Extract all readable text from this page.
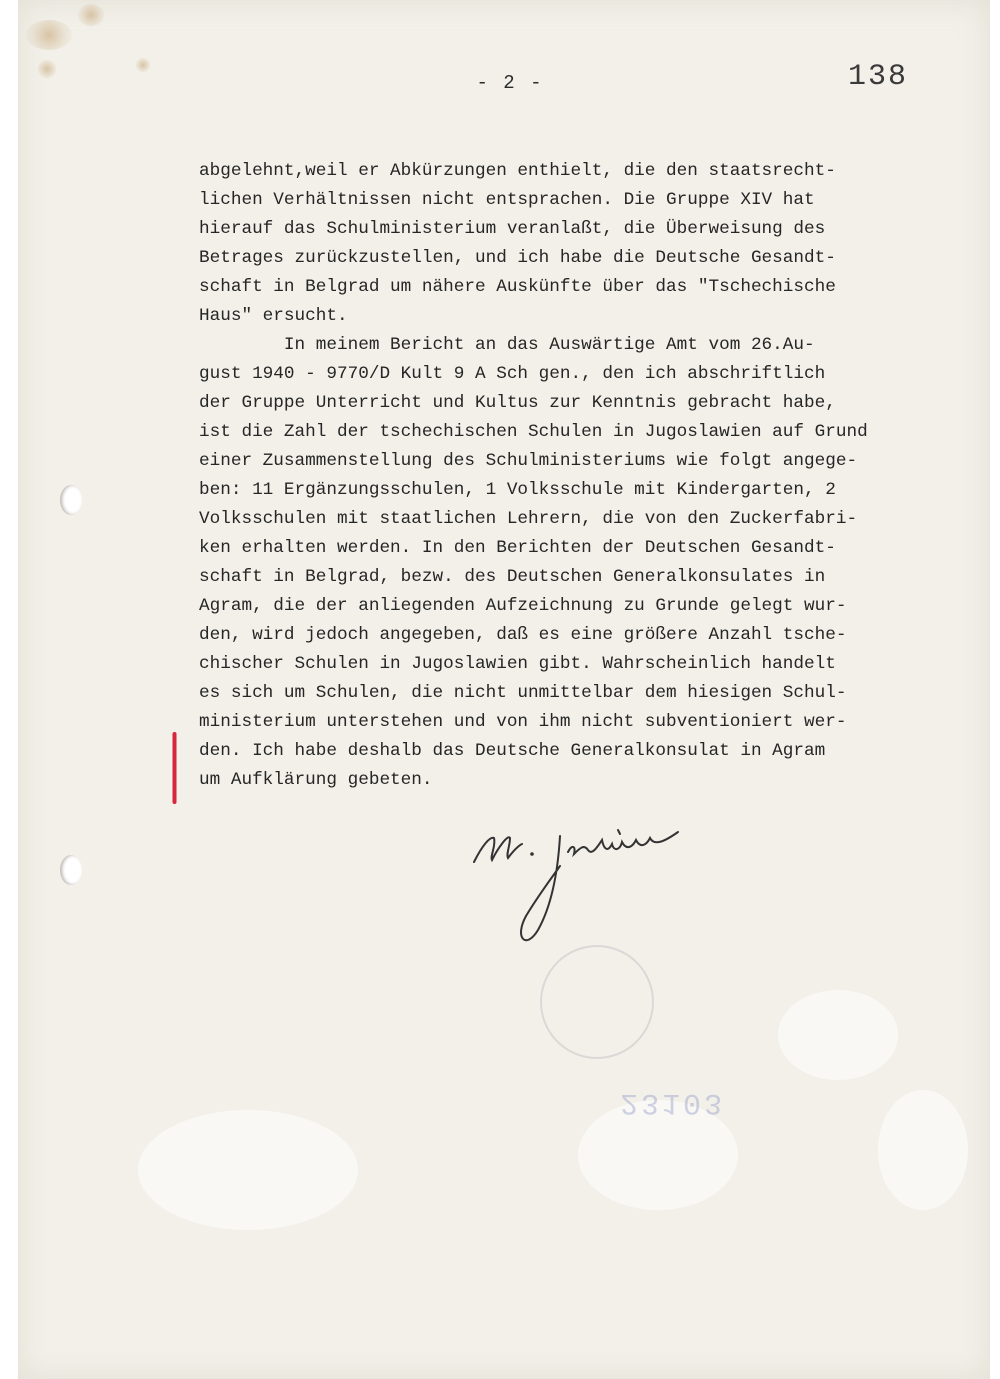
- 2 -	138
abgelehnt,weil er Abkürzungen enthielt, die den staatsrecht-
lichen Verhältnissen nicht entsprachen. Die Gruppe XIV hat
hierauf das Schulministerium veranlaßt, die Überweisung des
Betrages zurückzustellen, und ich habe die Deutsche Gesandt-
schaft in Belgrad um nähere Auskünfte über das "Tschechische
Haus" ersucht.
In meinem Bericht an das Auswärtige Amt vom 26.Au-
gust 1940 - 9770/D Kult 9 A Sch gen., den ich abschriftlich
der Gruppe Unterricht und Kultus zur Kenntnis gebracht habe,
ist die Zahl der tschechischen Schulen in Jugoslawien auf Grund
einer Zusammenstellung des Schulministeriums wie folgt angege-
ben: 11 Ergänzungsschulen, 1 Volksschule mit Kindergarten, 2
Volksschulen mit staatlichen Lehrern, die von den Zuckerfabri-
ken erhalten werden. In den Berichten der Deutschen Gesandt-
schaft in Belgrad, bezw. des Deutschen Generalkonsulates in
Agram, die der anliegenden Aufzeichnung zu Grunde gelegt wur-
den, wird jedoch angegeben, daß es eine größere Anzahl tsche-
chischer Schulen in Jugoslawien gibt. Wahrscheinlich handelt
es sich um Schulen, die nicht unmittelbar dem hiesigen Schul-
ministerium unterstehen und von ihm nicht subventioniert wer-
den. Ich habe deshalb das Deutsche Generalkonsulat in Agram
um Aufklärung gebeten.
23103
